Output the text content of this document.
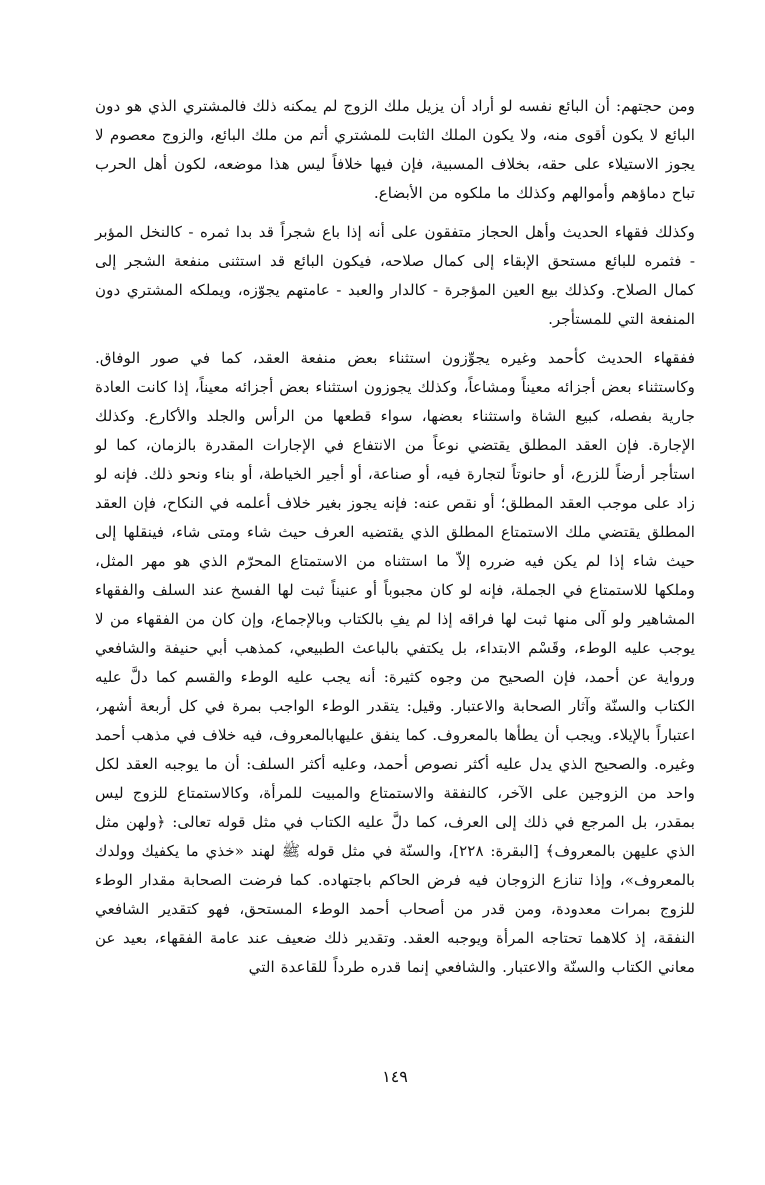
ومن حجتهم: أن البائع نفسه لو أراد أن يزيل ملك الزوج لم يمكنه ذلك فالمشتري الذي هو دون البائع لا يكون أقوى منه، ولا يكون الملك الثابت للمشتري أتم من ملك البائع، والزوج معصوم لا يجوز الاستيلاء على حقه، بخلاف المسبية، فإن فيها خلافاً ليس هذا موضعه، لكون أهل الحرب تباح دماؤهم وأموالهم وكذلك ما ملكوه من الأبضاع.

وكذلك فقهاء الحديث وأهل الحجاز متفقون على أنه إذا باع شجراً قد بدا ثمره - كالنخل المؤبر - فثمره للبائع مستحق الإبقاء إلى كمال صلاحه، فيكون البائع قد استثنى منفعة الشجر إلى كمال الصلاح. وكذلك بيع العين المؤجرة - كالدار والعبد - عامتهم يجوّزه، ويملكه المشتري دون المنفعة التي للمستأجر.

ففقهاء الحديث كأحمد وغيره يجوِّزون استثناء بعض منفعة العقد، كما في صور الوفاق. وكاستثناء بعض أجزائه معيناً ومشاعاً، وكذلك يجوزون استثناء بعض أجزائه معيناً، إذا كانت العادة جارية بفصله، كبيع الشاة واستثناء بعضها، سواء قطعها من الرأس والجلد والأكارع. وكذلك الإجارة. فإن العقد المطلق يقتضي نوعاً من الانتفاع في الإجارات المقدرة بالزمان، كما لو استأجر أرضاً للزرع، أو حانوتاً لتجارة فيه، أو صناعة، أو أجير الخياطة، أو بناء ونحو ذلك. فإنه لو زاد على موجب العقد المطلق؛ أو نقص عنه: فإنه يجوز بغير خلاف أعلمه في النكاح، فإن العقد المطلق يقتضي ملك الاستمتاع المطلق الذي يقتضيه العرف حيث شاء ومتى شاء، فينقلها إلى حيث شاء إذا لم يكن فيه ضرره إلاّ ما استثناه من الاستمتاع المحرّم الذي هو مهر المثل، وملكها للاستمتاع في الجملة، فإنه لو كان مجبوباً أو عنيناً ثبت لها الفسخ عند السلف والفقهاء المشاهير ولو آلى منها ثبت لها فراقه إذا لم يفِ بالكتاب وبالإجماع، وإن كان من الفقهاء من لا يوجب عليه الوطء، وقَسْم الابتداء، بل يكتفي بالباعث الطبيعي، كمذهب أبي حنيفة والشافعي ورواية عن أحمد، فإن الصحيح من وجوه كثيرة: أنه يجب عليه الوطء والقسم كما دلَّ عليه الكتاب والسنّة وآثار الصحابة والاعتبار. وقيل: يتقدر الوطء الواجب بمرة في كل أربعة أشهر، اعتباراً بالإيلاء. ويجب أن يطأها بالمعروف. كما ينفق عليهابالمعروف، فيه خلاف في مذهب أحمد وغيره. والصحيح الذي يدل عليه أكثر نصوص أحمد، وعليه أكثر السلف: أن ما يوجبه العقد لكل واحد من الزوجين على الآخر، كالنفقة والاستمتاع والمبيت للمرأة، وكالاستمتاع للزوج ليس بمقدر، بل المرجع في ذلك إلى العرف، كما دلَّ عليه الكتاب في مثل قوله تعالى: ﴿ولهن مثل الذي عليهن بالمعروف﴾ [البقرة: ٢٢٨]، والسنّة في مثل قوله ﷺ لهند «خذي ما يكفيك وولدك بالمعروف»، وإذا تنازع الزوجان فيه فرض الحاكم باجتهاده. كما فرضت الصحابة مقدار الوطء للزوج بمرات معدودة، ومن قدر من أصحاب أحمد الوطء المستحق، فهو كتقدير الشافعي النفقة، إذ كلاهما تحتاجه المرأة ويوجبه العقد. وتقدير ذلك ضعيف عند عامة الفقهاء، بعيد عن معاني الكتاب والسنّة والاعتبار. والشافعي إنما قدره طرداً للقاعدة التي

١٤٩
